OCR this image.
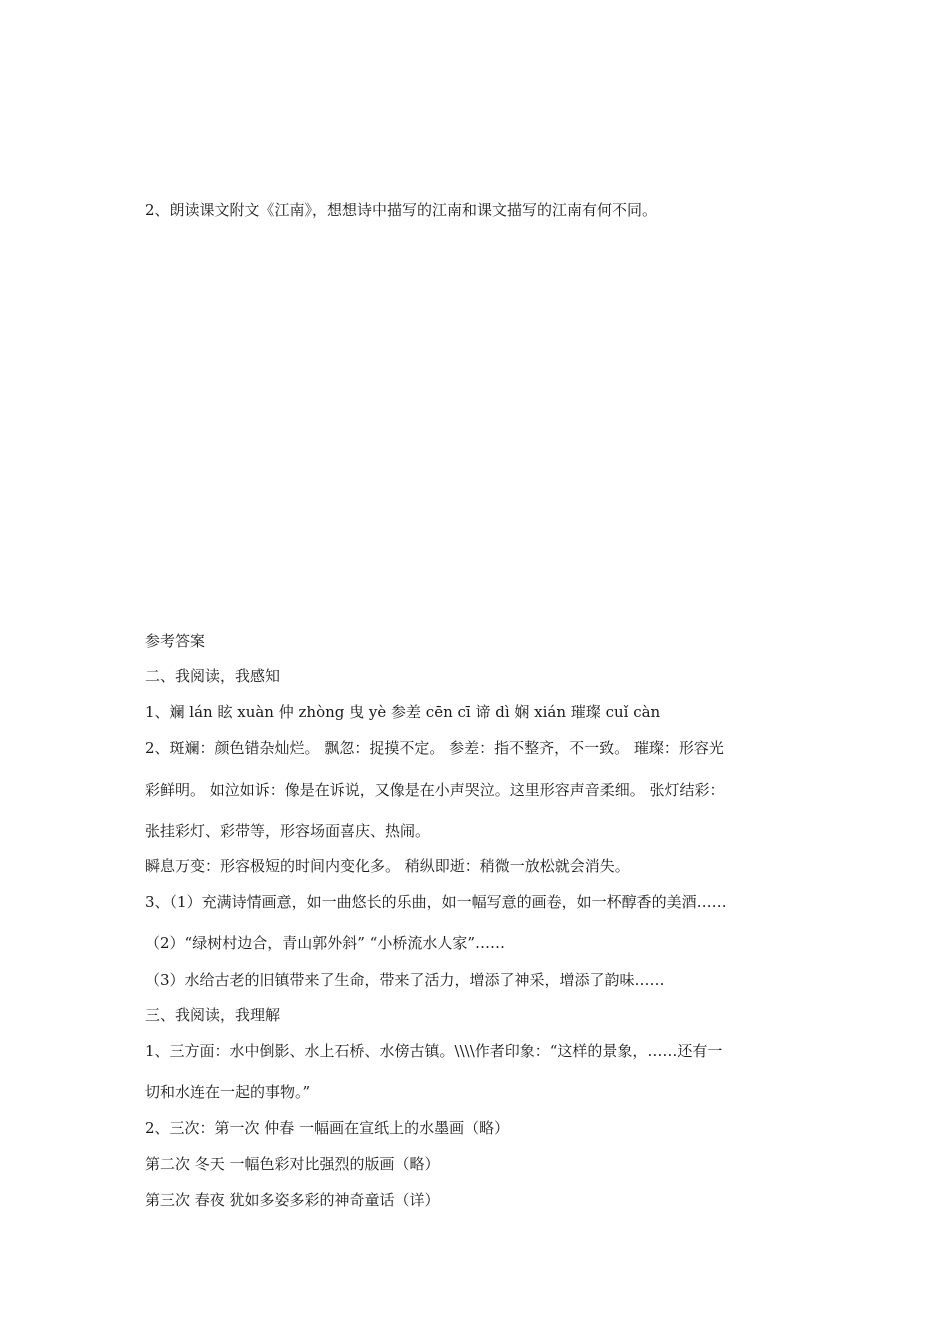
2、朗读课文附文《江南》，想想诗中描写的江南和课文描写的江南有何不同。
参考答案
二、我阅读，我感知
1、斓 lán 眩 xuàn 仲 zhòng 曳 yè 参差 cēn cī 谛 dì 娴 xián 璀璨 cuǐ càn
2、斑斓：颜色错杂灿烂。 飘忽：捉摸不定。 参差：指不整齐，不一致。 璀璨：形容光
彩鲜明。 如泣如诉：像是在诉说，又像是在小声哭泣。这里形容声音柔细。 张灯结彩：
张挂彩灯、彩带等，形容场面喜庆、热闹。
瞬息万变：形容极短的时间内变化多。 稍纵即逝：稍微一放松就会消失。
3、（1）充满诗情画意，如一曲悠长的乐曲，如一幅写意的画卷，如一杯醇香的美酒……
（2）“绿树村边合，青山郭外斜” “小桥流水人家”……
（3）水给古老的旧镇带来了生命，带来了活力，增添了神采，增添了韵味……
三、我阅读，我理解
1、三方面：水中倒影、水上石桥、水傍古镇。\\\\作者印象：“这样的景象，……还有一
切和水连在一起的事物。”
2、三次：第一次 仲春 一幅画在宣纸上的水墨画（略）
第二次 冬天 一幅色彩对比强烈的版画（略）
第三次 春夜 犹如多姿多彩的神奇童话（详）
